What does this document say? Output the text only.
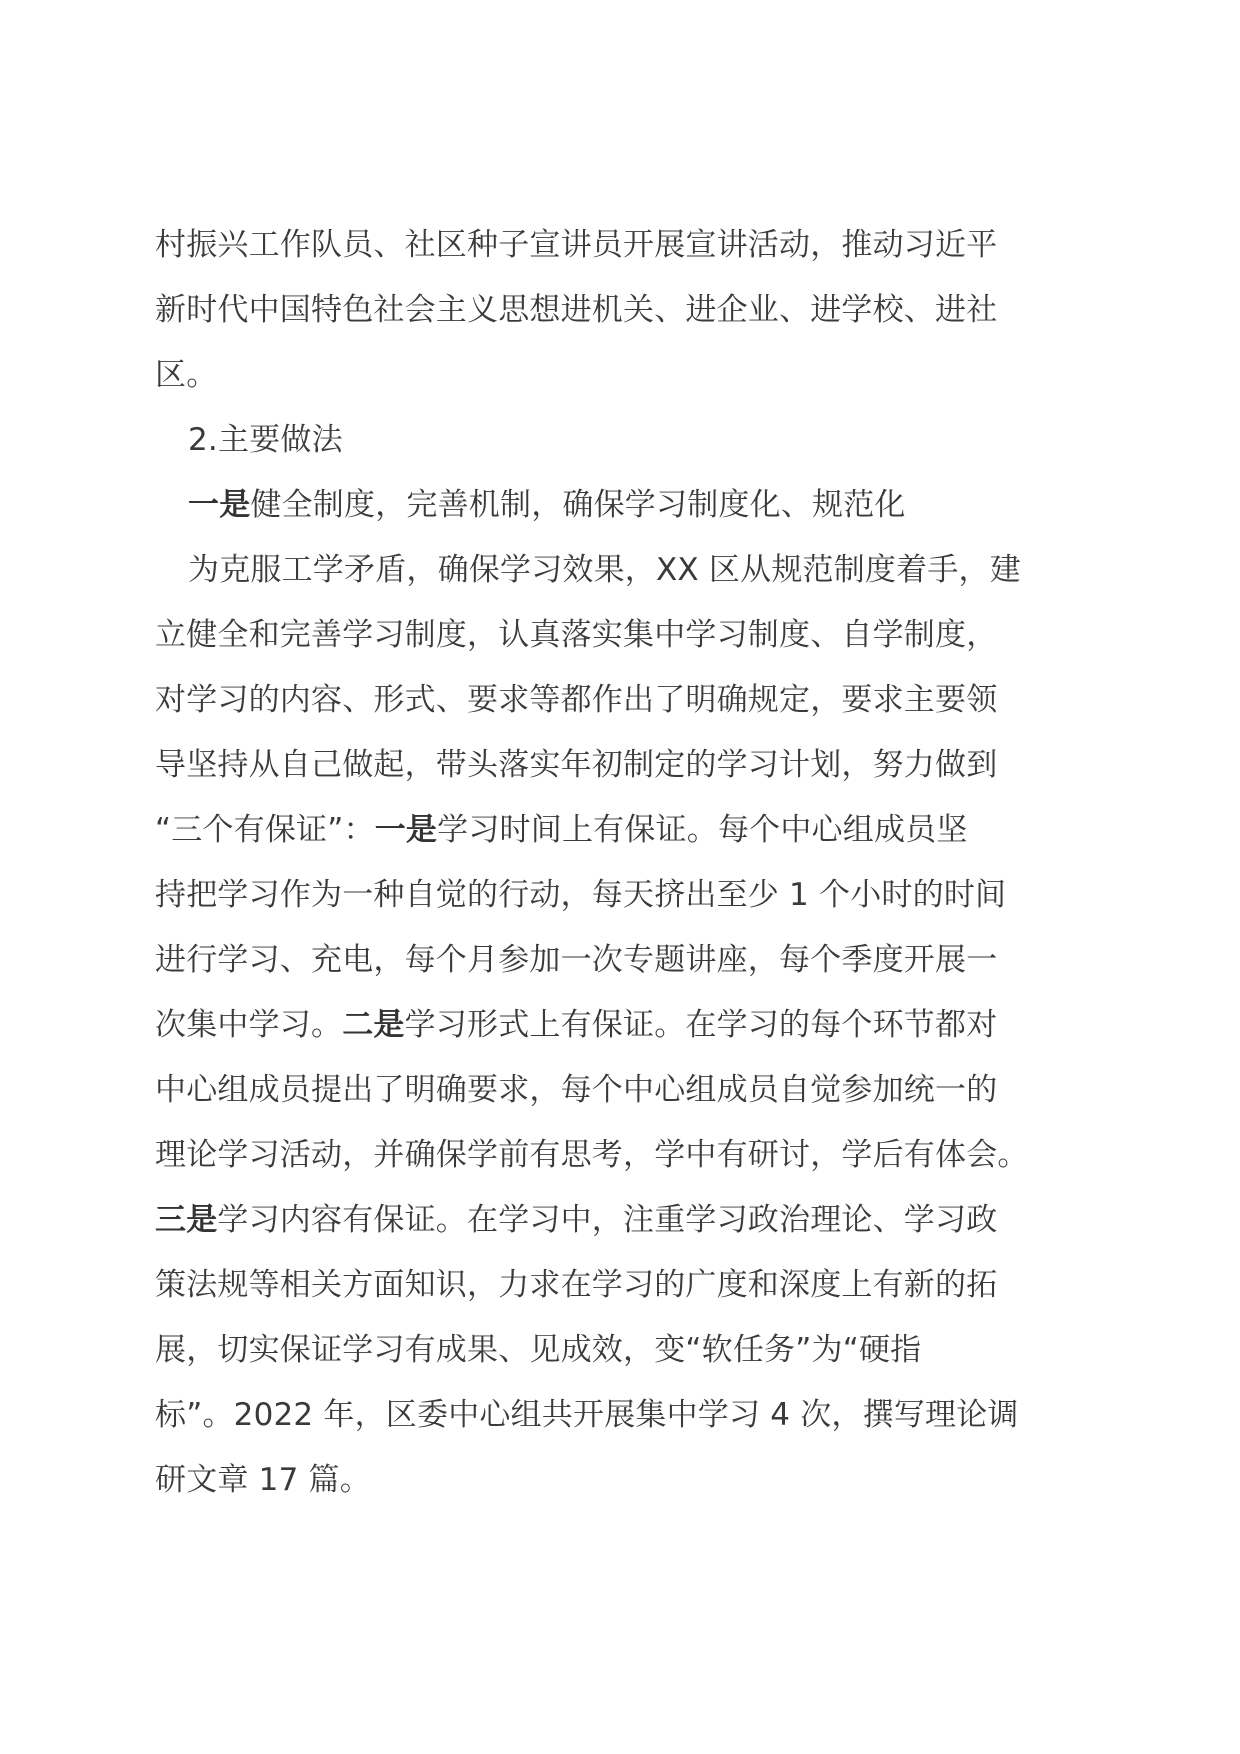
村振兴工作队员、社区种子宣讲员开展宣讲活动，推动习近平
新时代中国特色社会主义思想进机关、进企业、进学校、进社
区。
2.主要做法
一是健全制度，完善机制，确保学习制度化、规范化
为克服工学矛盾，确保学习效果，XX 区从规范制度着手，建
立健全和完善学习制度，认真落实集中学习制度、自学制度，
对学习的内容、形式、要求等都作出了明确规定，要求主要领
导坚持从自己做起，带头落实年初制定的学习计划，努力做到
“三个有保证”：一是学习时间上有保证。每个中心组成员坚
持把学习作为一种自觉的行动，每天挤出至少 1 个小时的时间
进行学习、充电，每个月参加一次专题讲座，每个季度开展一
次集中学习。二是学习形式上有保证。在学习的每个环节都对
中心组成员提出了明确要求，每个中心组成员自觉参加统一的
理论学习活动，并确保学前有思考，学中有研讨，学后有体会。
三是学习内容有保证。在学习中，注重学习政治理论、学习政
策法规等相关方面知识，力求在学习的广度和深度上有新的拓
展，切实保证学习有成果、见成效，变“软任务”为“硬指
标”。2022 年，区委中心组共开展集中学习 4 次，撰写理论调
研文章 17 篇。
